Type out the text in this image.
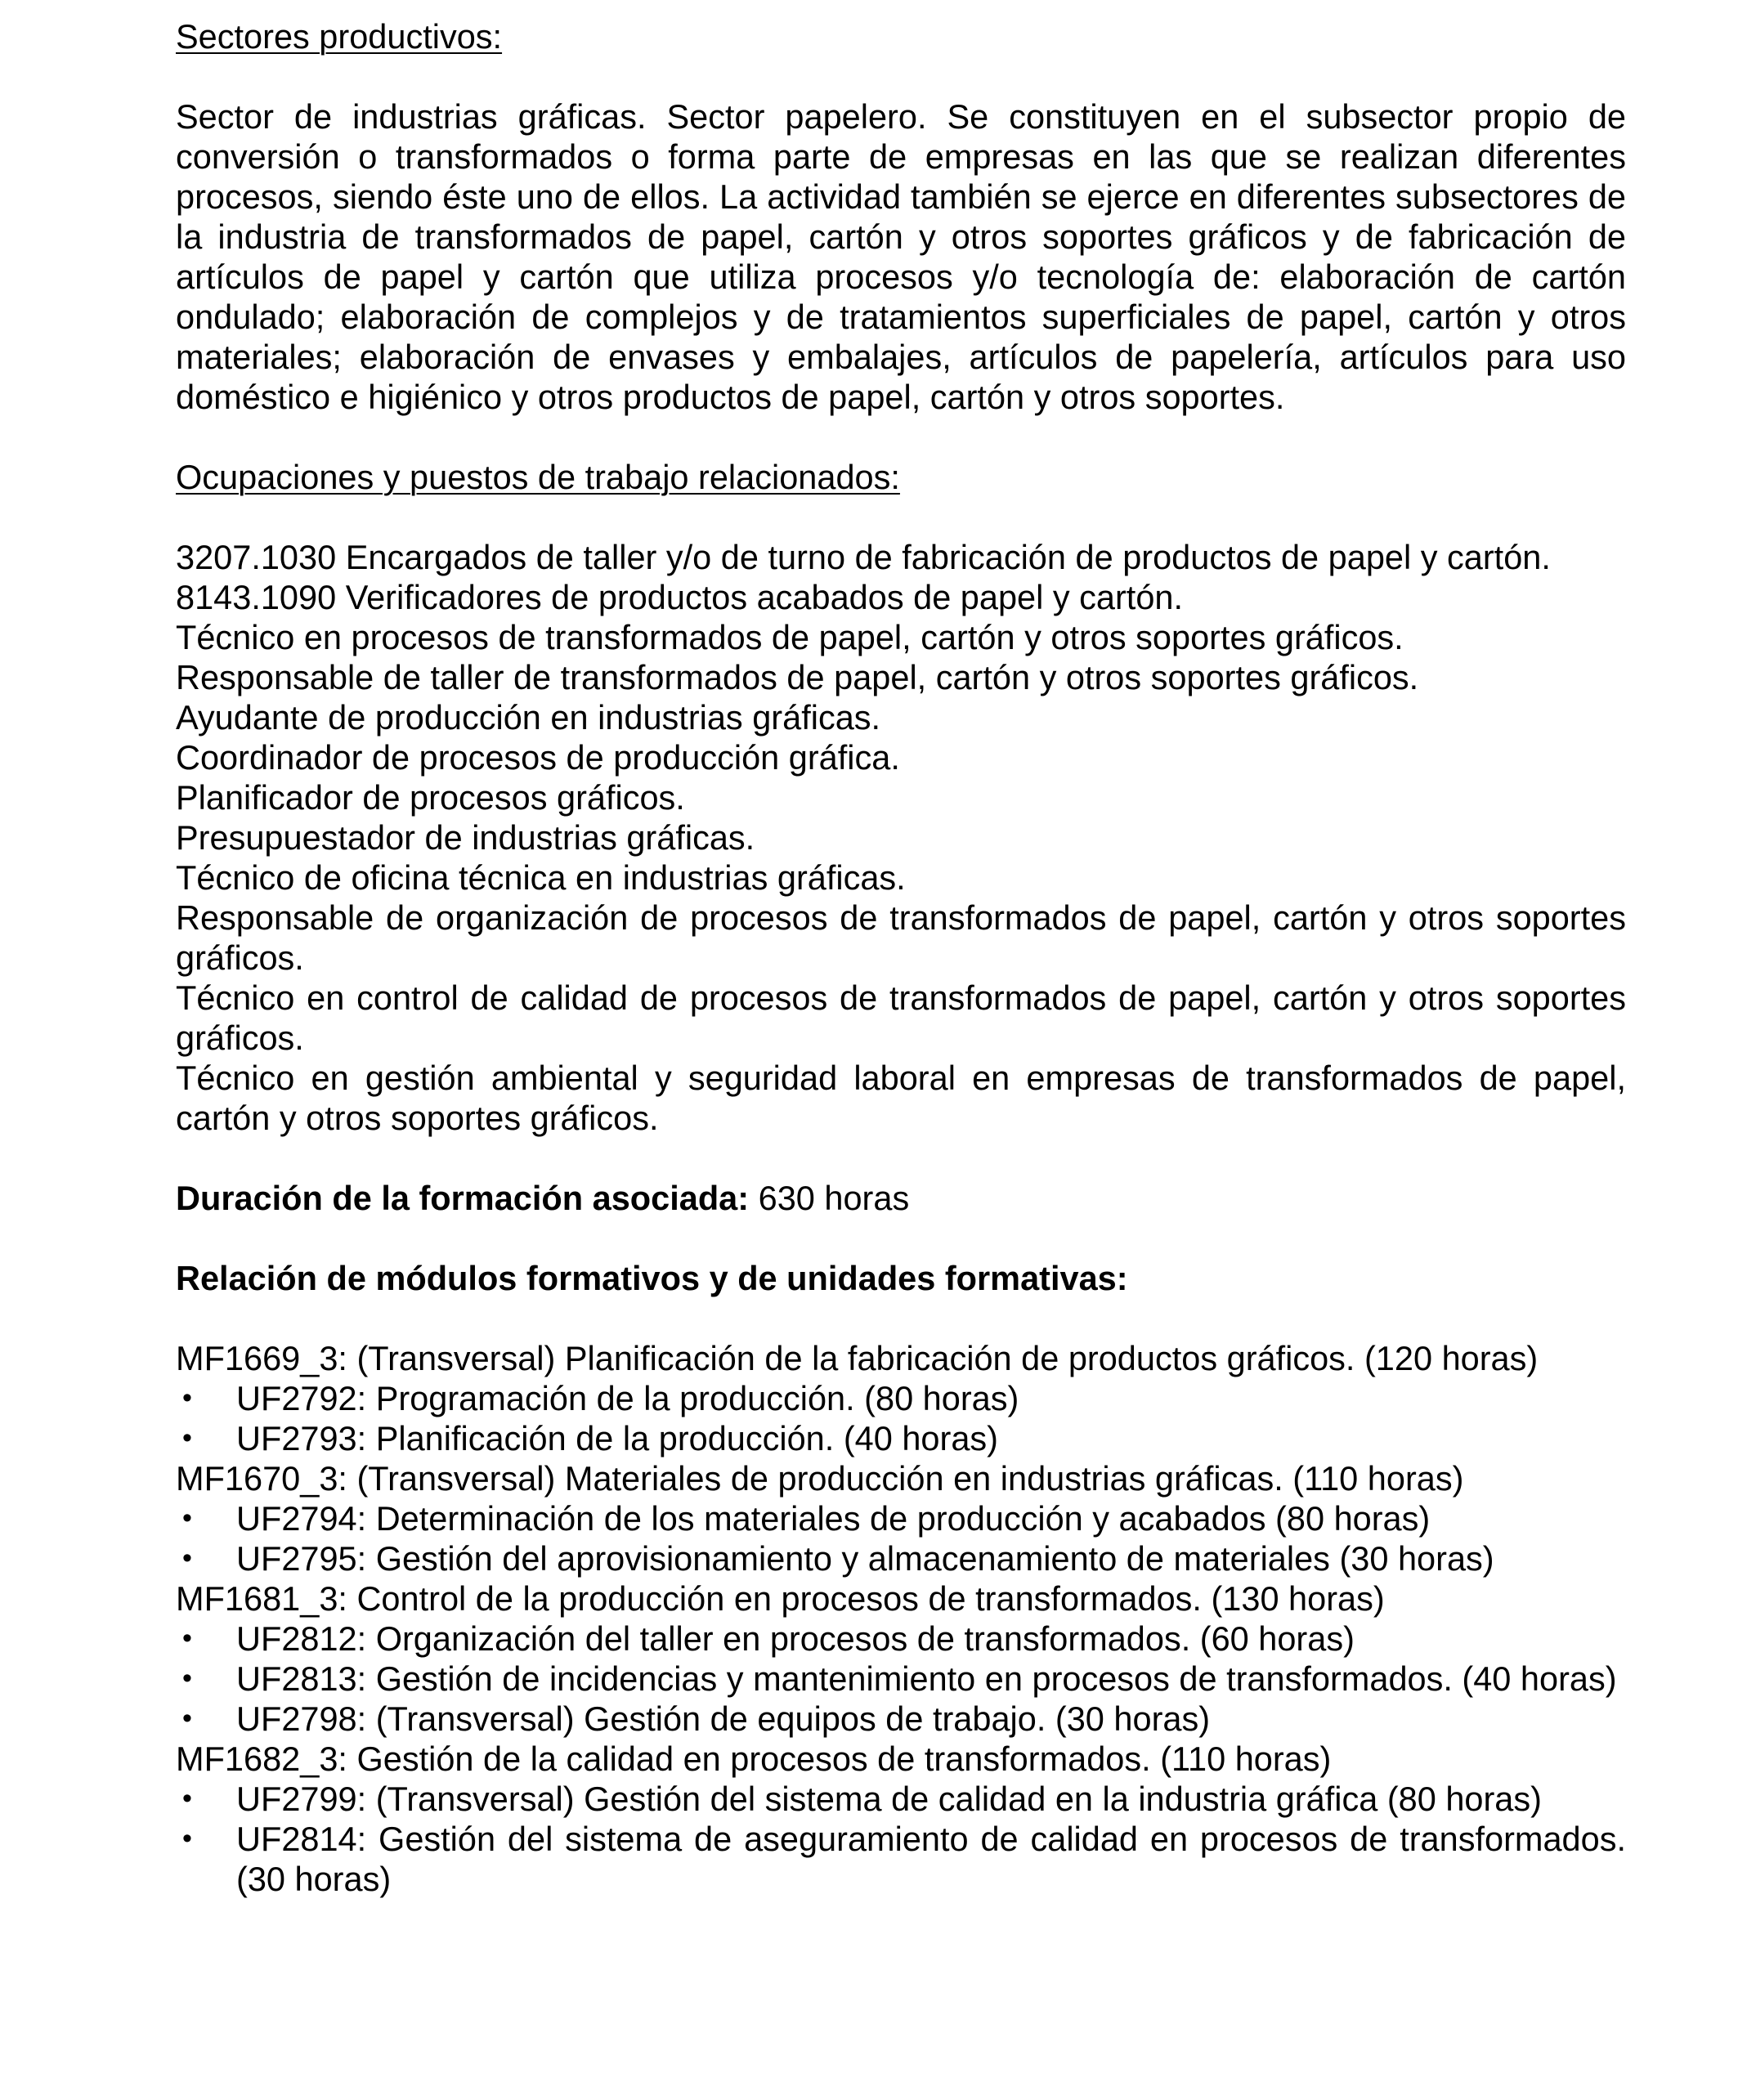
Sectores productivos:
Sector de industrias gráficas. Sector papelero. Se constituyen en el subsector propio de conversión o transformados o forma parte de empresas en las que se realizan diferentes procesos, siendo éste uno de ellos. La actividad también se ejerce en diferentes subsectores de la industria de transformados de papel, cartón y otros soportes gráficos y de fabricación de artículos de papel y cartón que utiliza procesos y/o tecnología de: elaboración de cartón ondulado; elaboración de complejos y de tratamientos superficiales de papel, cartón y otros materiales; elaboración de envases y embalajes, artículos de papelería, artículos para uso doméstico e higiénico y otros productos de papel, cartón y otros soportes.
Ocupaciones y puestos de trabajo relacionados:
3207.1030 Encargados de taller y/o de turno de fabricación de productos de papel y cartón.
8143.1090 Verificadores de productos acabados de papel y cartón.
Técnico en procesos de transformados de papel, cartón y otros soportes gráficos.
Responsable de taller de transformados de papel, cartón y otros soportes gráficos.
Ayudante de producción en industrias gráficas.
Coordinador de procesos de producción gráfica.
Planificador de procesos gráficos.
Presupuestador de industrias gráficas.
Técnico de oficina técnica en industrias gráficas.
Responsable de organización de procesos de transformados de papel, cartón y otros soportes gráficos.
Técnico en control de calidad de procesos de transformados de papel, cartón y otros soportes gráficos.
Técnico en gestión ambiental y seguridad laboral en empresas de transformados de papel, cartón y otros soportes gráficos.
Duración de la formación asociada: 630 horas
Relación de módulos formativos y de unidades formativas:
MF1669_3: (Transversal) Planificación de la fabricación de productos gráficos. (120 horas)
• UF2792: Programación de la producción. (80 horas)
• UF2793: Planificación de la producción. (40 horas)
MF1670_3: (Transversal) Materiales de producción en industrias gráficas. (110 horas)
• UF2794: Determinación de los materiales de producción y acabados (80 horas)
• UF2795: Gestión del aprovisionamiento y almacenamiento de materiales (30 horas)
MF1681_3: Control de la producción en procesos de transformados. (130 horas)
• UF2812: Organización del taller en procesos de transformados. (60 horas)
• UF2813: Gestión de incidencias y mantenimiento en procesos de transformados. (40 horas)
• UF2798: (Transversal) Gestión de equipos de trabajo. (30 horas)
MF1682_3: Gestión de la calidad en procesos de transformados. (110 horas)
• UF2799: (Transversal) Gestión del sistema de calidad en la industria gráfica (80 horas)
• UF2814: Gestión del sistema de aseguramiento de calidad en procesos de transformados. (30 horas)
